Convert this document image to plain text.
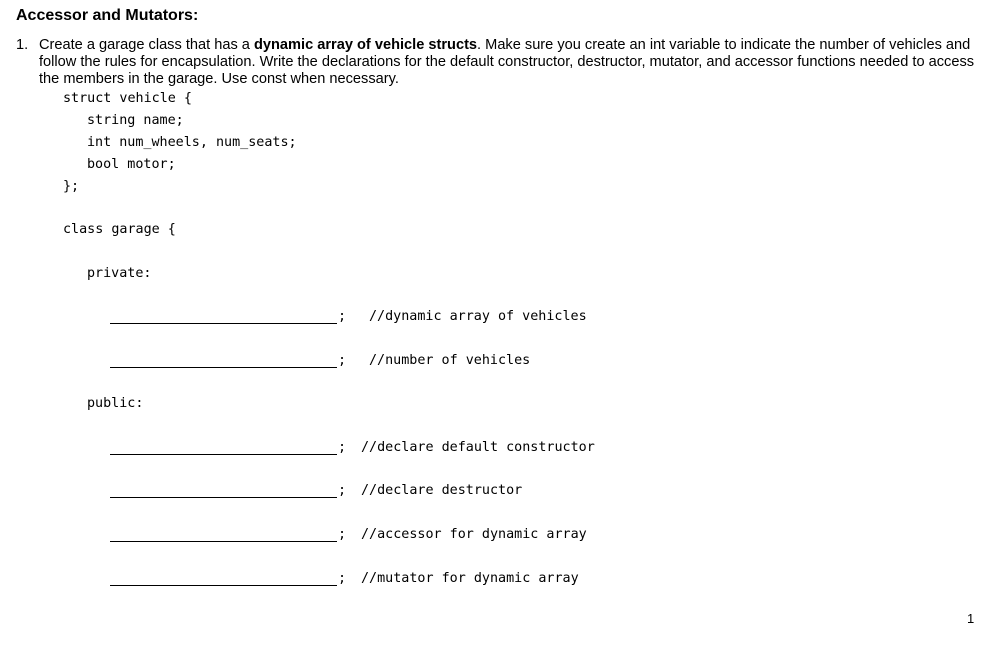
Accessor and Mutators:
1. Create a garage class that has a dynamic array of vehicle structs. Make sure you create an int variable to indicate the number of vehicles and follow the rules for encapsulation. Write the declarations for the default constructor, destructor, mutator, and accessor functions needed to access the members in the garage. Use const when necessary.
struct vehicle {
string name;
int num_wheels, num_seats;
bool motor;
};
class garage {
private:

;

//dynamic array of vehicles

;

//number of vehicles

public:

;

//declare default constructor

;

//declare destructor

;

//accessor for dynamic array

;

//mutator for dynamic array

1
